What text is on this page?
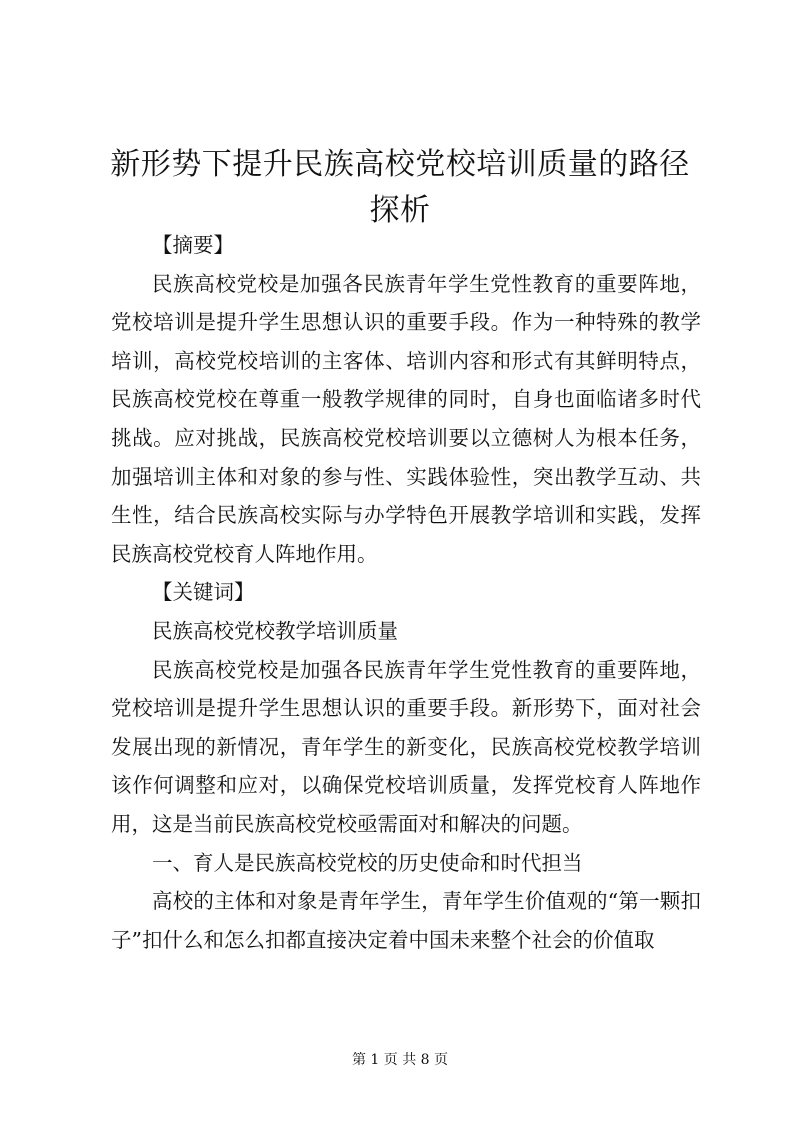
新形势下提升民族高校党校培训质量的路径探析

【摘要】

民族高校党校是加强各民族青年学生党性教育的重要阵地，党校培训是提升学生思想认识的重要手段。作为一种特殊的教学培训，高校党校培训的主客体、培训内容和形式有其鲜明特点，民族高校党校在尊重一般教学规律的同时，自身也面临诸多时代挑战。应对挑战，民族高校党校培训要以立德树人为根本任务，加强培训主体和对象的参与性、实践体验性，突出教学互动、共生性，结合民族高校实际与办学特色开展教学培训和实践，发挥民族高校党校育人阵地作用。

【关键词】

民族高校党校教学培训质量

民族高校党校是加强各民族青年学生党性教育的重要阵地，党校培训是提升学生思想认识的重要手段。新形势下，面对社会发展出现的新情况，青年学生的新变化，民族高校党校教学培训该作何调整和应对，以确保党校培训质量，发挥党校育人阵地作用，这是当前民族高校党校亟需面对和解决的问题。

一、育人是民族高校党校的历史使命和时代担当

高校的主体和对象是青年学生，青年学生价值观的“第一颗扣子”扣什么和怎么扣都直接决定着中国未来整个社会的价值取

第 1 页 共 8 页
